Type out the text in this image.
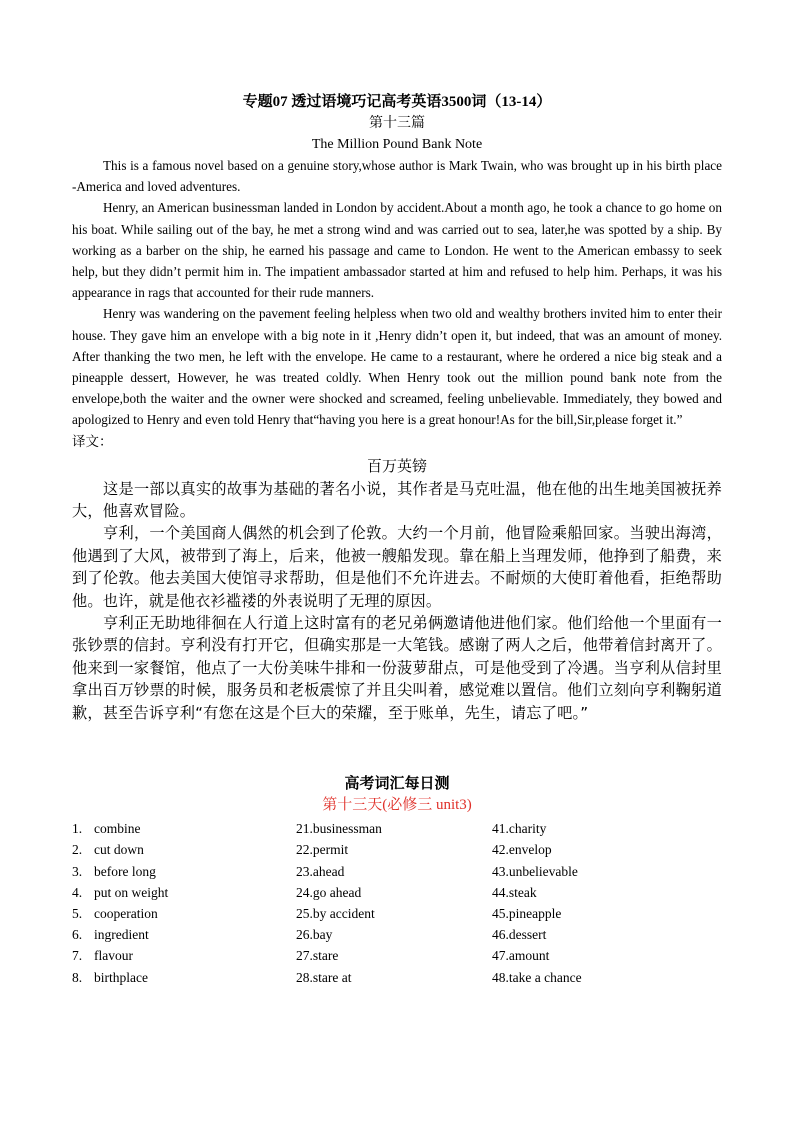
专题07 透过语境巧记高考英语3500词（13-14）
第十三篇
The Million Pound Bank Note

This is a famous novel based on a genuine story,whose author is Mark Twain, who was brought up in his birth place -America and loved adventures.

Henry, an American businessman landed in London by accident.About a month ago, he took a chance to go home on his boat. While sailing out of the bay, he met a strong wind and was carried out to sea, later,he was spotted by a ship. By working as a barber on the ship, he earned his passage and came to London. He went to the American embassy to seek help, but they didn’t permit him in. The impatient ambassador started at him and refused to help him. Perhaps, it was his appearance in rags that accounted for their rude manners.

Henry was wandering on the pavement feeling helpless when two old and wealthy brothers invited him to enter their house. They gave him an envelope with a big note in it ,Henry didn’t open it, but indeed, that was an amount of money. After thanking the two men, he left with the envelope. He came to a restaurant, where he ordered a nice big steak and a pineapple dessert, However, he was treated coldly. When Henry took out the million pound bank note from the envelope,both the waiter and the owner were shocked and screamed, feeling unbelievable. Immediately, they bowed and apologized to Henry and even told Henry that“having you here is a great honour!As for the bill,Sir,please forget it.”

译文：

百万英镑

这是一部以真实的故事为基础的著名小说，其作者是马克吐温，他在他的出生地美国被抚养大，他喜欢冒险。

亨利，一个美国商人偶然的机会到了伦敦。大约一个月前，他冒险乘船回家。当驶出海湾，他遇到了大风，被带到了海上，后来，他被一艘船发现。靠在船上当理发师，他挣到了船费，来到了伦敦。他去美国大使馆寻求帮助，但是他们不允许进去。不耐烦的大使盯着他看，拒绝帮助他。也许，就是他衣衫褴褛的外表说明了无理的原因。

亨利正无助地徘徊在人行道上这时富有的老兄弟俩邀请他进他们家。他们给他一个里面有一张钞票的信封。亨利没有打开它，但确实那是一大笔钱。感谢了两人之后，他带着信封离开了。他来到一家餐馆，他点了一大份美味牛排和一份菠萝甜点，可是他受到了冷遇。当亨利从信封里拿出百万钞票的时候，服务员和老板震惊了并且尖叫着，感觉难以置信。他们立刻向亨利鞠躬道歉，甚至告诉亨利“有您在这是个巨大的荣耀，至于账单，先生，请忘了吧。”

高考词汇每日测
第十三天(必修三 unit3)
1. combine
2. cut down
3. before long
4. put on weight
5. cooperation
6. ingredient
7. flavour
8. birthplace
21.businessman
22.permit
23.ahead
24.go ahead
25.by accident
26.bay
27.stare
28.stare at
41.charity
42.envelop
43.unbelievable
44.steak
45.pineapple
46.dessert
47.amount
48.take a chance
